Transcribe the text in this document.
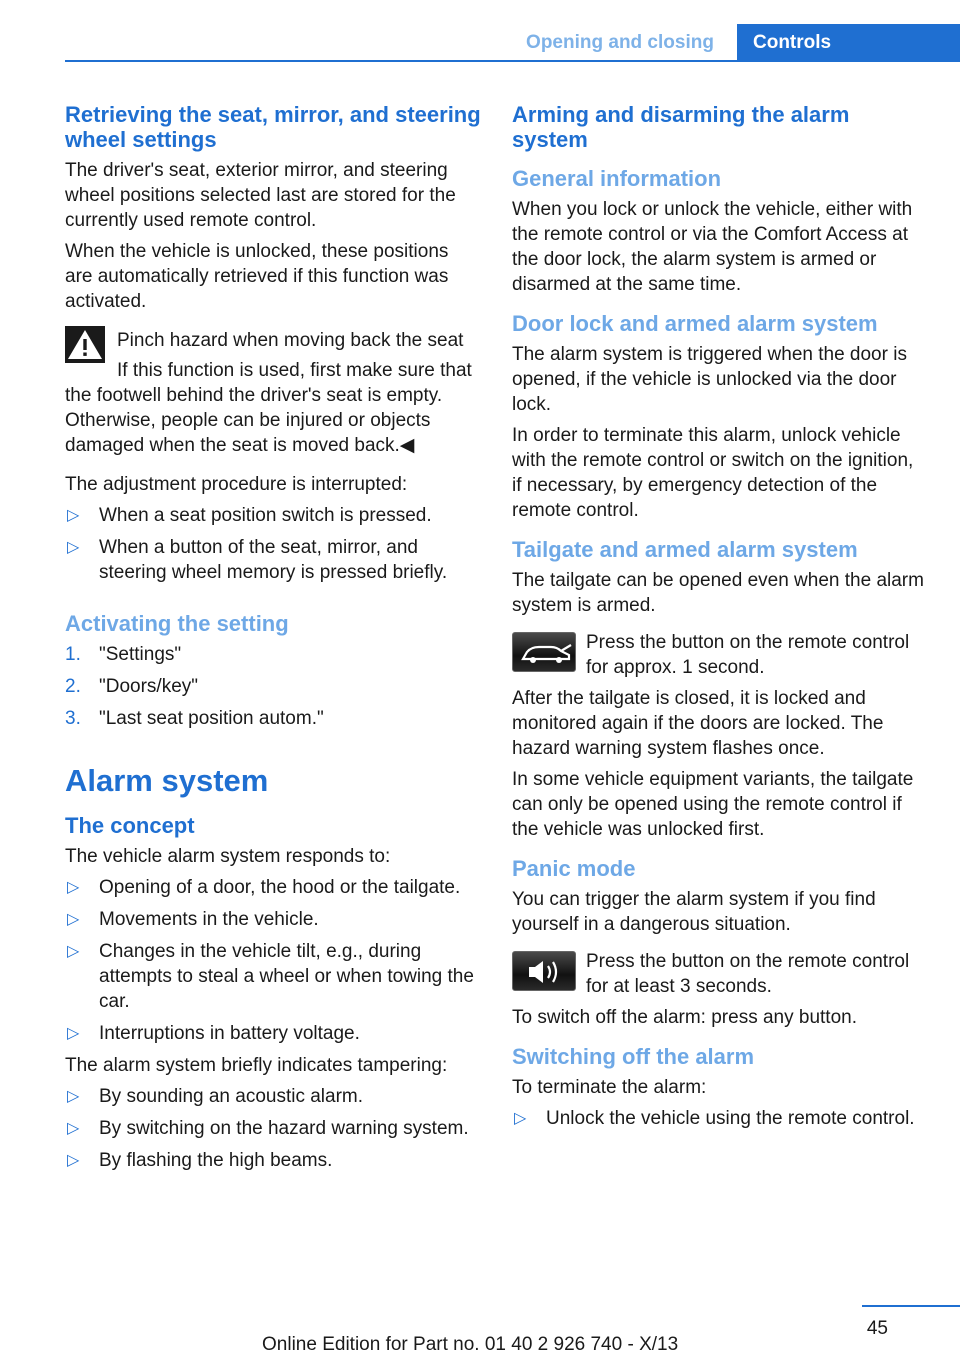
Opening and closing	Controls
Retrieving the seat, mirror, and steering wheel settings

The driver's seat, exterior mirror, and steering wheel positions selected last are stored for the currently used remote control.

When the vehicle is unlocked, these positions are automatically retrieved if this function was activated.

Pinch hazard when moving back the seat

If this function is used, first make sure that the footwell behind the driver's seat is empty. Otherwise, people can be injured or objects damaged when the seat is moved back.◀

The adjustment procedure is interrupted:

▷ When a seat position switch is pressed.
▷ When a button of the seat, mirror, and steering wheel memory is pressed briefly.
Activating the setting
1. "Settings"
2. "Doors/key"
3. "Last seat position autom."
Alarm system
The concept

The vehicle alarm system responds to:

▷ Opening of a door, the hood or the tailgate.
▷ Movements in the vehicle.
▷ Changes in the vehicle tilt, e.g., during attempts to steal a wheel or when towing the car.
▷ Interruptions in battery voltage.

The alarm system briefly indicates tampering:

▷ By sounding an acoustic alarm.
▷ By switching on the hazard warning system.
▷ By flashing the high beams.
Arming and disarming the alarm system
General information

When you lock or unlock the vehicle, either with the remote control or via the Comfort Access at the door lock, the alarm system is armed or disarmed at the same time.

Door lock and armed alarm system

The alarm system is triggered when the door is opened, if the vehicle is unlocked via the door lock.

In order to terminate this alarm, unlock vehicle with the remote control or switch on the ignition, if necessary, by emergency detection of the remote control.

Tailgate and armed alarm system

The tailgate can be opened even when the alarm system is armed.

Press the button on the remote control for approx. 1 second.

After the tailgate is closed, it is locked and monitored again if the doors are locked. The hazard warning system flashes once.

In some vehicle equipment variants, the tailgate can only be opened using the remote control if the vehicle was unlocked first.

Panic mode

You can trigger the alarm system if you find yourself in a dangerous situation.

Press the button on the remote control for at least 3 seconds.

To switch off the alarm: press any button.

Switching off the alarm

To terminate the alarm:

▷ Unlock the vehicle using the remote control.
45
Online Edition for Part no. 01 40 2 926 740 - X/13
